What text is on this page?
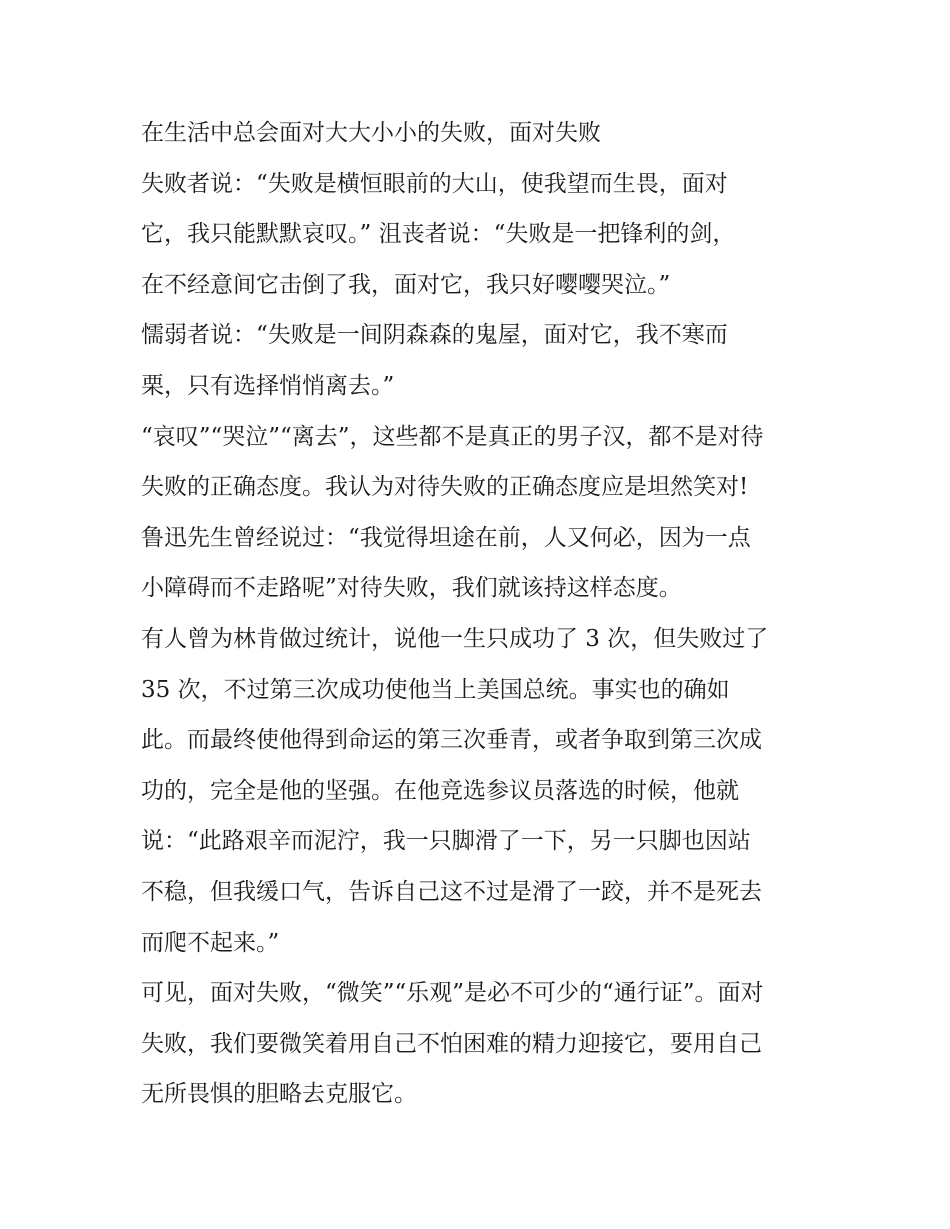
在生活中总会面对大大小小的失败，面对失败
失败者说：“失败是横恒眼前的大山，使我望而生畏，面对
它，我只能默默哀叹。” 沮丧者说：“失败是一把锋利的剑，
在不经意间它击倒了我，面对它，我只好嘤嘤哭泣。”
懦弱者说：“失败是一间阴森森的鬼屋，面对它，我不寒而
栗，只有选择悄悄离去。”
“哀叹”“哭泣”“离去”，这些都不是真正的男子汉，都不是对待
失败的正确态度。我认为对待失败的正确态度应是坦然笑对!
鲁迅先生曾经说过：“我觉得坦途在前，人又何必，因为一点
小障碍而不走路呢”对待失败，我们就该持这样态度。
有人曾为林肯做过统计，说他一生只成功了 3 次，但失败过了
35 次，不过第三次成功使他当上美国总统。事实也的确如
此。而最终使他得到命运的第三次垂青，或者争取到第三次成
功的，完全是他的坚强。在他竞选参议员落选的时候，他就
说：“此路艰辛而泥泞，我一只脚滑了一下，另一只脚也因站
不稳，但我缓口气，告诉自己这不过是滑了一跤，并不是死去
而爬不起来。”
可见，面对失败，“微笑”“乐观”是必不可少的“通行证”。面对
失败，我们要微笑着用自己不怕困难的精力迎接它，要用自己
无所畏惧的胆略去克服它。
